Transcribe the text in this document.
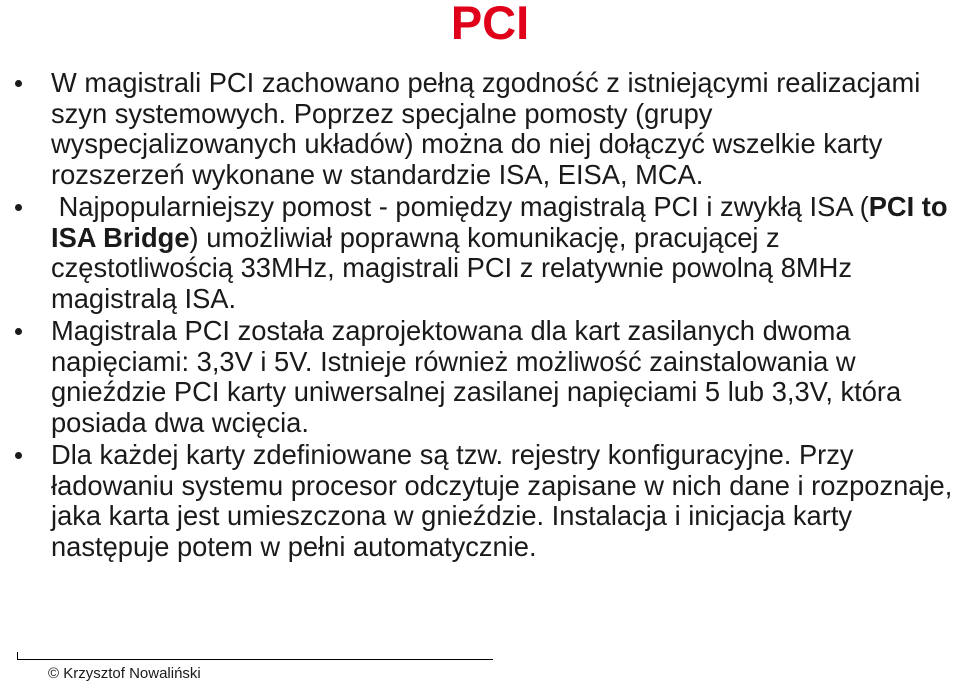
PCI
W magistrali PCI zachowano pełną zgodność z istniejącymi realizacjami szyn systemowych. Poprzez specjalne pomosty (grupy wyspecjalizowanych układów) można do niej dołączyć wszelkie karty rozszerzeń wykonane w standardzie ISA, EISA, MCA.
Najpopularniejszy pomost - pomiędzy magistralą PCI i zwykłą ISA (PCI to ISA Bridge) umożliwiał poprawną komunikację, pracującej z częstotliwością 33MHz, magistrali PCI z relatywnie powolną 8MHz magistralą ISA.
Magistrala PCI została zaprojektowana dla kart zasilanych dwoma napięciami: 3,3V i 5V. Istnieje również możliwość zainstalowania w gnieździe PCI karty uniwersalnej zasilanej napięciami 5 lub 3,3V, która posiada dwa wcięcia.
Dla każdej karty zdefiniowane są tzw. rejestry konfiguracyjne. Przy ładowaniu systemu procesor odczytuje zapisane w nich dane i rozpoznaje, jaka karta jest umieszczona w gnieździe. Instalacja i inicjacja karty następuje potem w pełni automatycznie.
© Krzysztof Nowaliński
